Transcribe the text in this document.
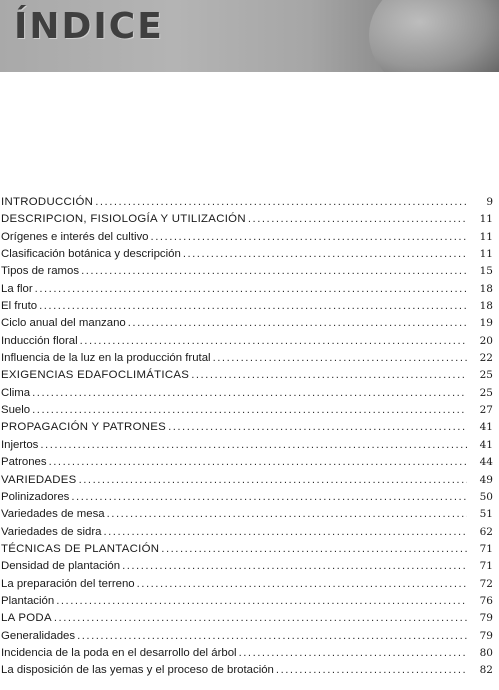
ÍNDICE
INTRODUCCIÓN .....	9
DESCRIPCION, FISIOLOGÍA Y UTILIZACIÓN .....	11
Orígenes e interés del cultivo .....	11
Clasificación botánica y descripción .....	11
Tipos de ramos .....	15
La flor .....	18
El fruto .....	18
Ciclo anual del manzano .....	19
Inducción floral .....	20
Influencia de la luz en la producción frutal .....	22
EXIGENCIAS EDAFOCLIMÁTICAS .....	25
Clima .....	25
Suelo .....	27
PROPAGACIÓN Y PATRONES .....	41
Injertos .....	41
Patrones .....	44
VARIEDADES .....	49
Polinizadores .....	50
Variedades de mesa .....	51
Variedades de sidra .....	62
TÉCNICAS DE PLANTACIÓN .....	71
Densidad de plantación .....	71
La preparación del terreno .....	72
Plantación .....	76
LA PODA .....	79
Generalidades .....	79
Incidencia de la poda en el desarrollo del árbol .....	80
La disposición de las yemas y el proceso de brotación .....	82
